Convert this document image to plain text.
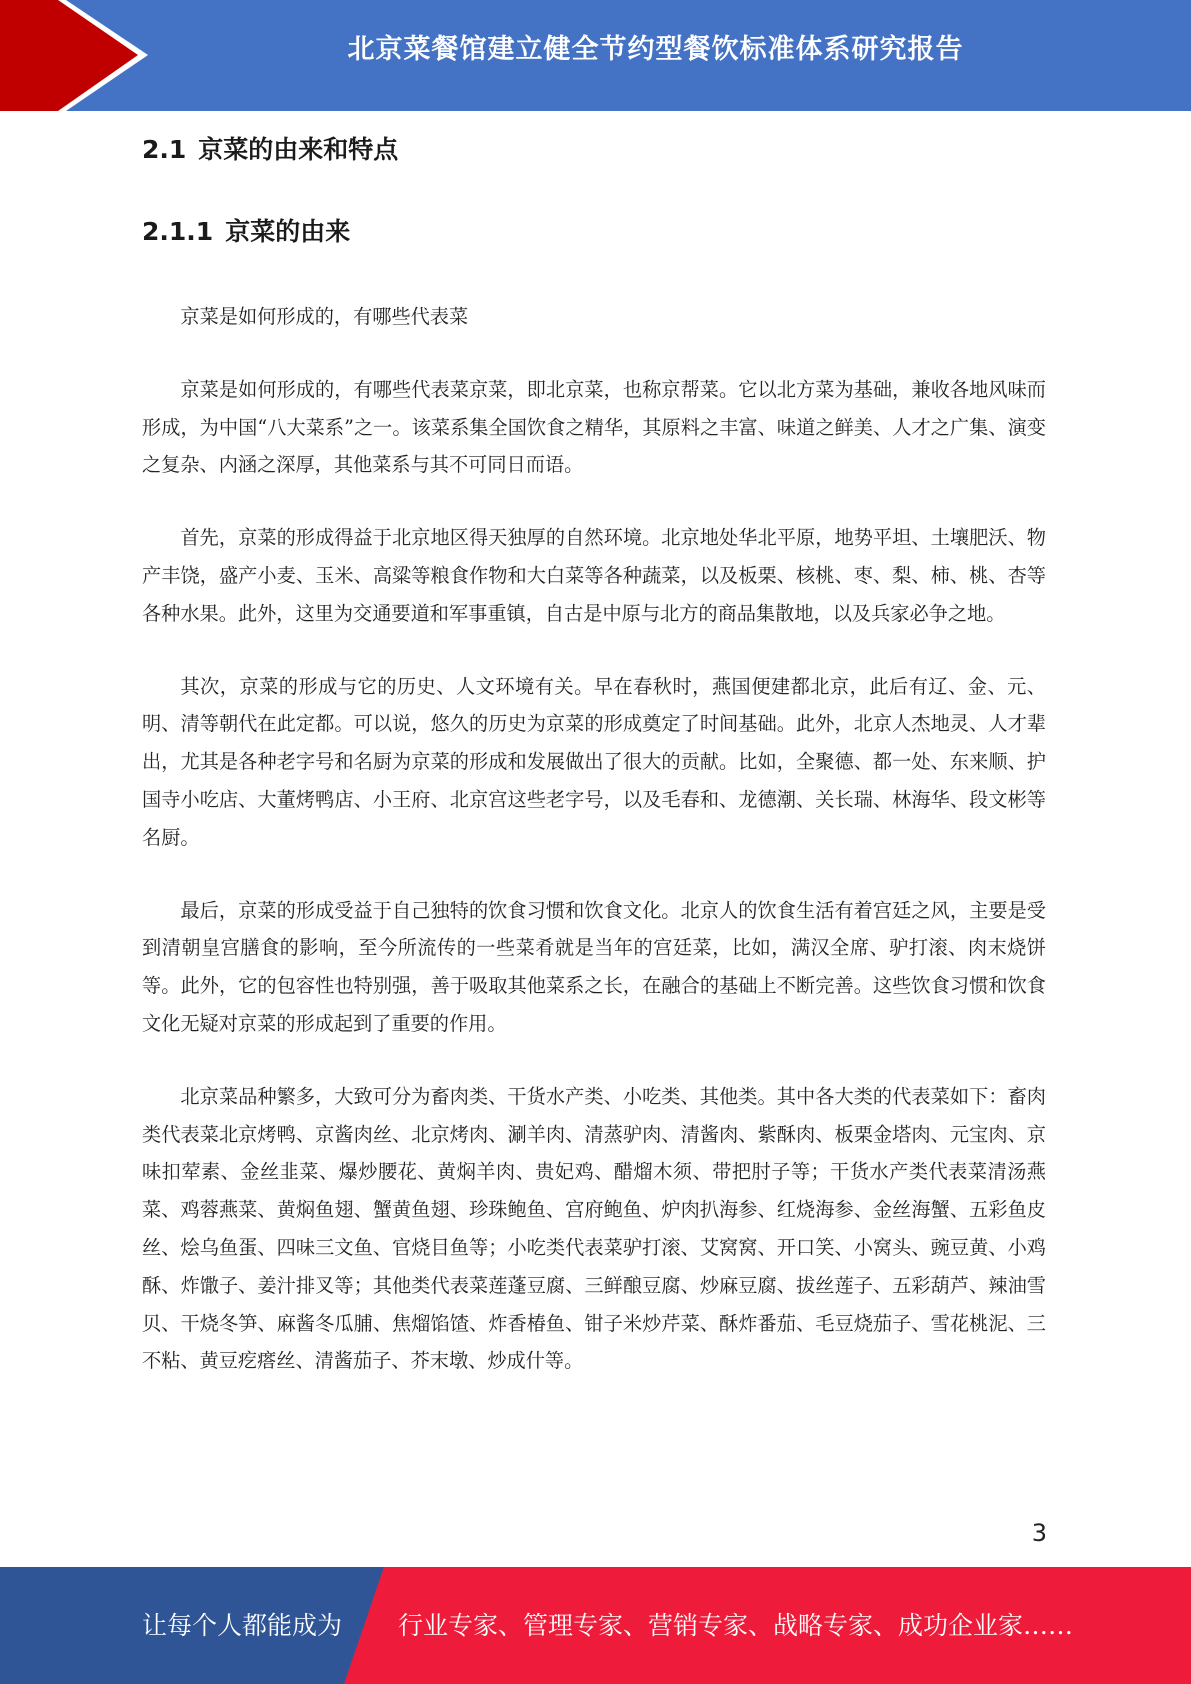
北京菜餐馆建立健全节约型餐饮标准体系研究报告
2.1 京菜的由来和特点
2.1.1 京菜的由来

京菜是如何形成的，有哪些代表菜

京菜是如何形成的，有哪些代表菜京菜，即北京菜，也称京帮菜。它以北方菜为基础，兼收各地风味而形成，为中国“八大菜系”之一。该菜系集全国饮食之精华，其原料之丰富、味道之鲜美、人才之广集、演变之复杂、内涵之深厚，其他菜系与其不可同日而语。

首先，京菜的形成得益于北京地区得天独厚的自然环境。北京地处华北平原，地势平坦、土壤肥沃、物产丰饶，盛产小麦、玉米、高粱等粮食作物和大白菜等各种蔬菜，以及板栗、核桃、枣、梨、柿、桃、杏等各种水果。此外，这里为交通要道和军事重镇，自古是中原与北方的商品集散地，以及兵家必争之地。

其次，京菜的形成与它的历史、人文环境有关。早在春秋时，燕国便建都北京，此后有辽、金、元、明、清等朝代在此定都。可以说，悠久的历史为京菜的形成奠定了时间基础。此外，北京人杰地灵、人才辈出，尤其是各种老字号和名厨为京菜的形成和发展做出了很大的贡献。比如，全聚德、都一处、东来顺、护国寺小吃店、大董烤鸭店、小王府、北京宫这些老字号，以及毛春和、龙德潮、关长瑞、林海华、段文彬等名厨。

最后，京菜的形成受益于自己独特的饮食习惯和饮食文化。北京人的饮食生活有着宫廷之风，主要是受到清朝皇宫膳食的影响，至今所流传的一些菜肴就是当年的宫廷菜，比如，满汉全席、驴打滚、肉末烧饼等。此外，它的包容性也特别强，善于吸取其他菜系之长，在融合的基础上不断完善。这些饮食习惯和饮食文化无疑对京菜的形成起到了重要的作用。

北京菜品种繁多，大致可分为畜肉类、干货水产类、小吃类、其他类。其中各大类的代表菜如下：畜肉类代表菜北京烤鸭、京酱肉丝、北京烤肉、涮羊肉、清蒸驴肉、清酱肉、紫酥肉、板栗金塔肉、元宝肉、京味扣荤素、金丝韭菜、爆炒腰花、黄焖羊肉、贵妃鸡、醋熘木须、带把肘子等；干货水产类代表菜清汤燕菜、鸡蓉燕菜、黄焖鱼翅、蟹黄鱼翅、珍珠鲍鱼、宫府鲍鱼、炉肉扒海参、红烧海参、金丝海蟹、五彩鱼皮丝、烩乌鱼蛋、四味三文鱼、官烧目鱼等；小吃类代表菜驴打滚、艾窝窝、开口笑、小窝头、豌豆黄、小鸡酥、炸馓子、姜汁排叉等；其他类代表菜莲蓬豆腐、三鲜酿豆腐、炒麻豆腐、拔丝莲子、五彩葫芦、辣油雪贝、干烧冬笋、麻酱冬瓜脯、焦熘馅馇、炸香椿鱼、钳子米炒芹菜、酥炸番茄、毛豆烧茄子、雪花桃泥、三不粘、黄豆疙瘩丝、清酱茄子、芥末墩、炒成什等。

3
让每个人都能成为 行业专家、管理专家、营销专家、战略专家、成功企业家……
